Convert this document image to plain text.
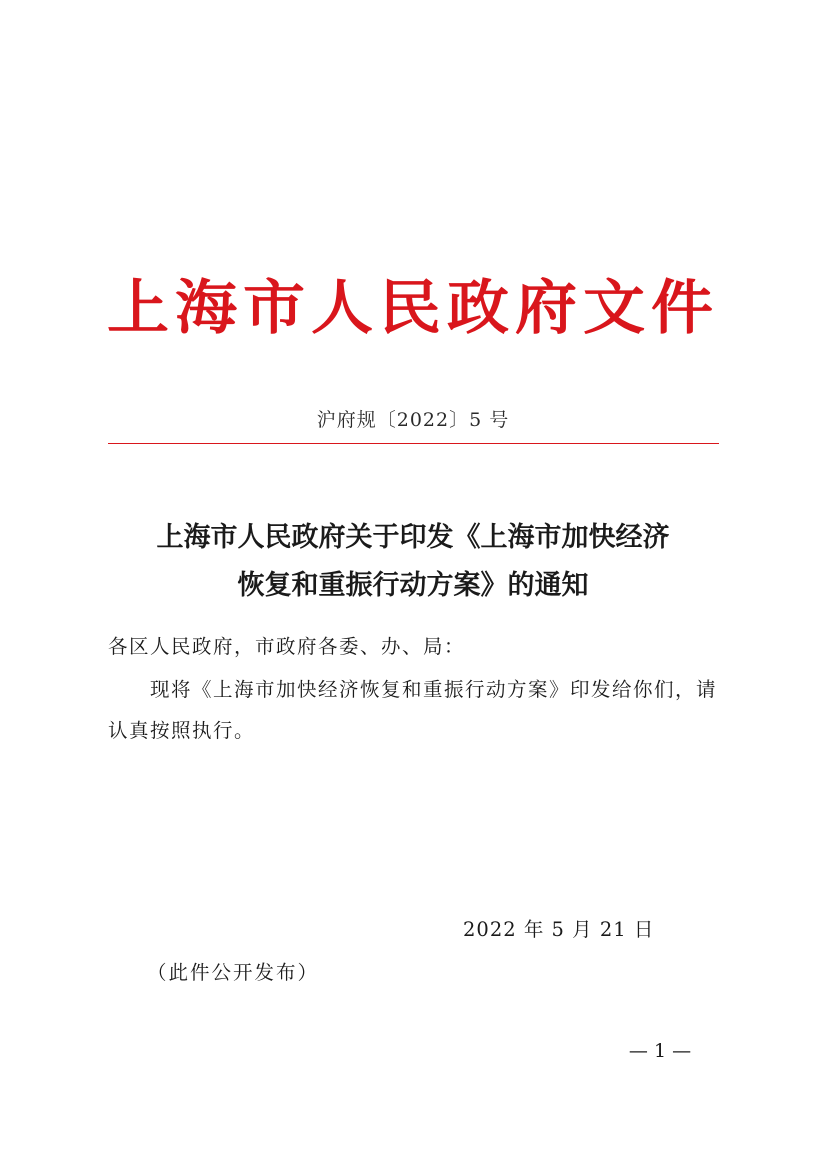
上海市人民政府文件
沪府规〔2022〕5 号
上海市人民政府关于印发《上海市加快经济
恢复和重振行动方案》的通知
各区人民政府，市政府各委、办、局：
现将《上海市加快经济恢复和重振行动方案》印发给你们，请
认真按照执行。
2022 年 5 月 21 日
（此件公开发布）
— 1 —
